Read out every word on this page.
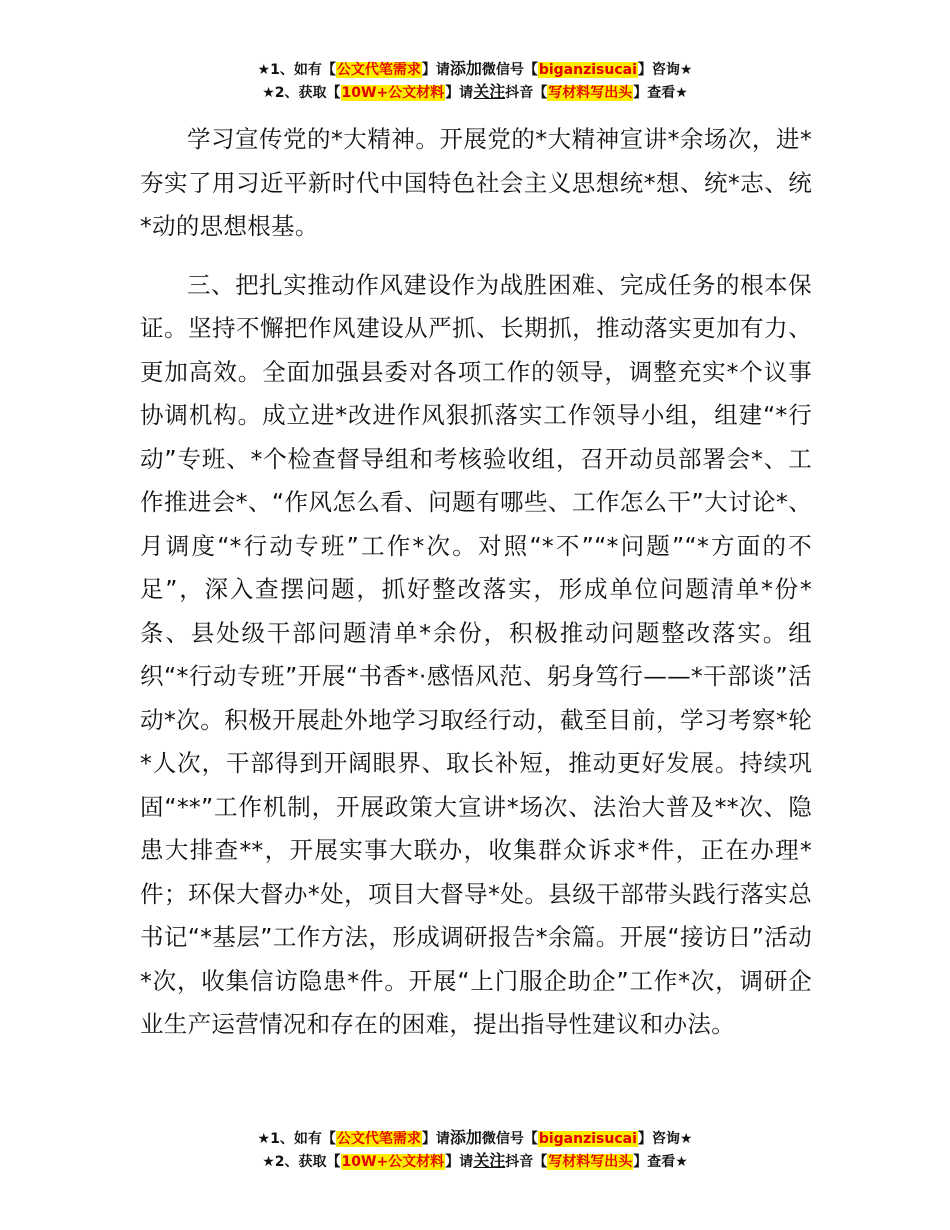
★1、如有【公文代笔需求】请添加微信号【biganzisucai】咨询★
★2、获取【10W+公文材料】请关注抖音【写材料写出头】查看★

学习宣传党的*大精神。开展党的*大精神宣讲*余场次，进*夯实了用习近平新时代中国特色社会主义思想统*想、统*志、统*动的思想根基。

三、把扎实推动作风建设作为战胜困难、完成任务的根本保证。坚持不懈把作风建设从严抓、长期抓，推动落实更加有力、更加高效。全面加强县委对各项工作的领导，调整充实*个议事协调机构。成立进*改进作风狠抓落实工作领导小组，组建“*行动”专班、*个检查督导组和考核验收组，召开动员部署会*、工作推进会*、“作风怎么看、问题有哪些、工作怎么干”大讨论*、月调度“*行动专班”工作*次。对照“*不”“*问题”“*方面的不足”，深入查摆问题，抓好整改落实，形成单位问题清单*份*条、县处级干部问题清单*余份，积极推动问题整改落实。组织“*行动专班”开展“书香*·感悟风范、躬身笃行——*干部谈”活动*次。积极开展赴外地学习取经行动，截至目前，学习考察*轮*人次，干部得到开阔眼界、取长补短，推动更好发展。持续巩固“**”工作机制，开展政策大宣讲*场次、法治大普及**次、隐患大排查**，开展实事大联办，收集群众诉求*件，正在办理*件；环保大督办*处，项目大督导*处。县级干部带头践行落实总书记“*基层”工作方法，形成调研报告*余篇。开展“接访日”活动*次，收集信访隐患*件。开展“上门服企助企”工作*次，调研企业生产运营情况和存在的困难，提出指导性建议和办法。

★1、如有【公文代笔需求】请添加微信号【biganzisucai】咨询★
★2、获取【10W+公文材料】请关注抖音【写材料写出头】查看★
